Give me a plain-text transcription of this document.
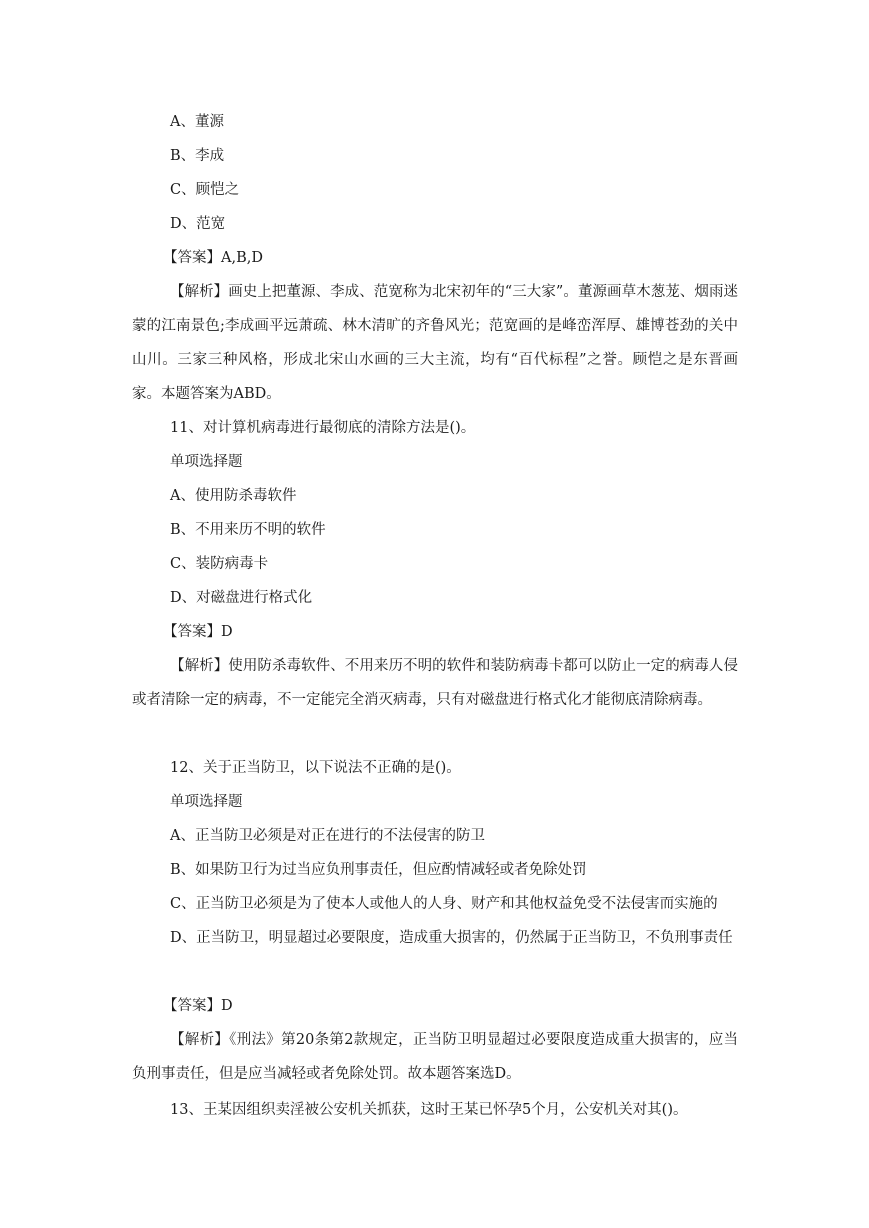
A、董源
B、李成
C、顾恺之
D、范宽
【答案】A,B,D
【解析】画史上把董源、李成、范宽称为北宋初年的“三大家”。董源画草木葱茏、烟雨迷蒙的江南景色;李成画平远萧疏、林木清旷的齐鲁风光；范宽画的是峰峦浑厚、雄博苍劲的关中山川。三家三种风格，形成北宋山水画的三大主流，均有“百代标程”之誉。顾恺之是东晋画家。本题答案为ABD。
11、对计算机病毒进行最彻底的清除方法是()。
单项选择题
A、使用防杀毒软件
B、不用来历不明的软件
C、装防病毒卡
D、对磁盘进行格式化
【答案】D
【解析】使用防杀毒软件、不用来历不明的软件和装防病毒卡都可以防止一定的病毒人侵或者清除一定的病毒，不一定能完全消灭病毒，只有对磁盘进行格式化才能彻底清除病毒。
12、关于正当防卫，以下说法不正确的是()。
单项选择题
A、正当防卫必须是对正在进行的不法侵害的防卫
B、如果防卫行为过当应负刑事责任，但应酌情减轻或者免除处罚
C、正当防卫必须是为了使本人或他人的人身、财产和其他权益免受不法侵害而实施的
D、正当防卫，明显超过必要限度，造成重大损害的，仍然属于正当防卫，不负刑事责任
【答案】D
【解析】《刑法》第20条第2款规定，正当防卫明显超过必要限度造成重大损害的，应当负刑事责任，但是应当减轻或者免除处罚。故本题答案选D。
13、王某因组织卖淫被公安机关抓获，这时王某已怀孕5个月，公安机关对其()。
